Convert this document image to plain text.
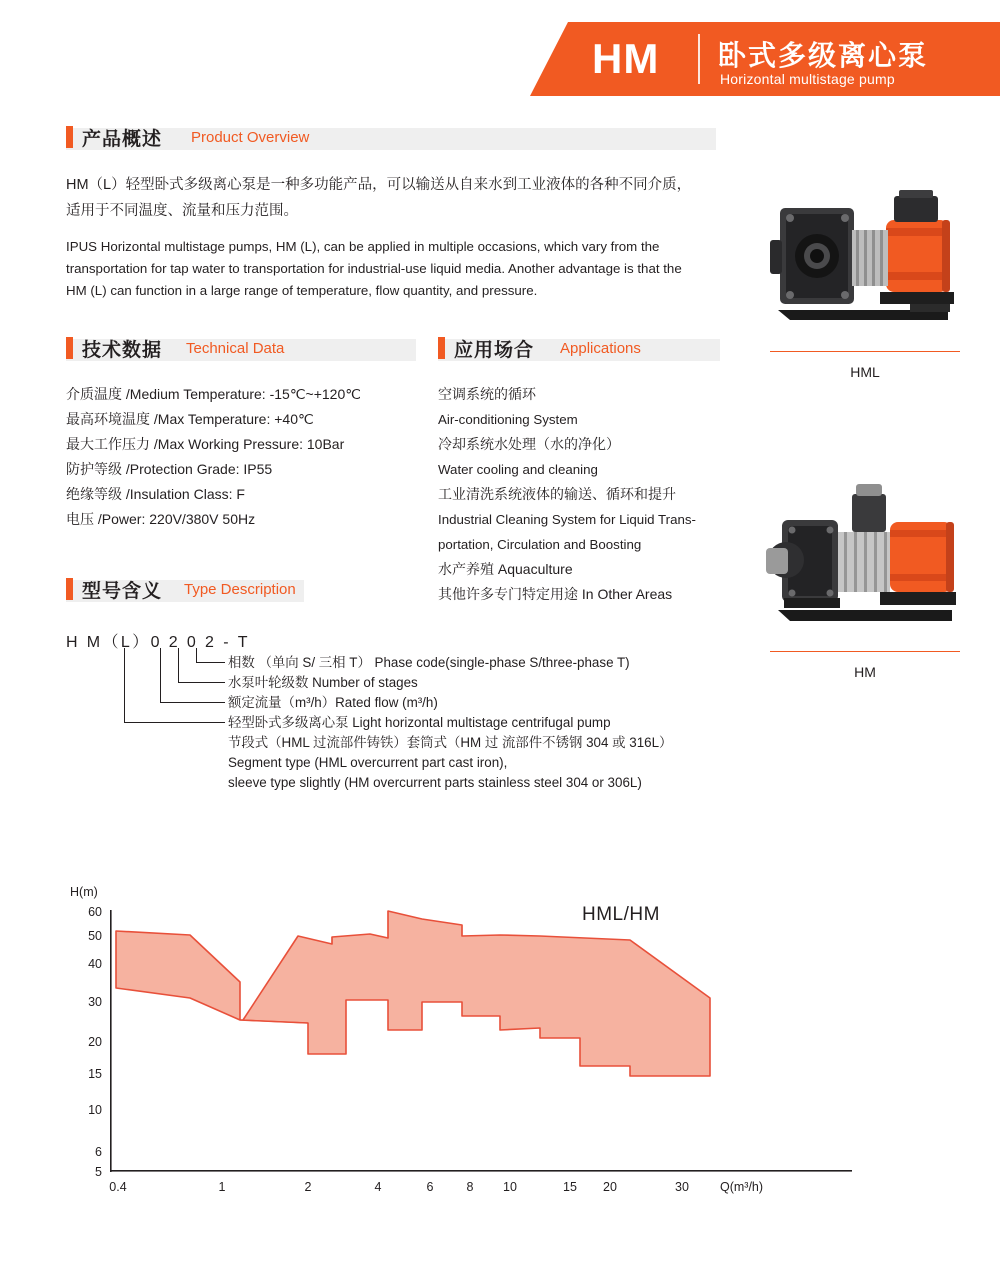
HM 卧式多级离心泵
Horizontal multistage pump
产品概述 Product Overview
HM（L）轻型卧式多级离心泵是一种多功能产品，可以输送从自来水到工业液体的各种不同介质，
适用于不同温度、流量和压力范围。
IPUS Horizontal multistage pumps, HM (L), can be applied in multiple occasions, which vary from the
transportation for tap water to transportation for industrial-use liquid media. Another advantage is that the
HM (L) can function in a large range of temperature, flow quantity, and pressure.
技术数据 Technical Data
介质温度 /Medium Temperature: -15℃~+120℃
最高环境温度 /Max Temperature: +40℃
最大工作压力 /Max Working Pressure: 10Bar
防护等级 /Protection Grade: IP55
绝缘等级 /Insulation Class: F
电压 /Power: 220V/380V 50Hz
应用场合 Applications
空调系统的循环
Air-conditioning System
冷却系统水处理（水的净化）
Water cooling and cleaning
工业清洗系统液体的输送、循环和提升
Industrial Cleaning System for Liquid Trans-
portation, Circulation and Boosting
水产养殖 Aquaculture
其他许多专门特定用途 In Other Areas
型号含义 Type Description
H M（L）0 2 0 2 - T
相数 （单向 S/ 三相 T） Phase code(single-phase S/three-phase T)
水泵叶轮级数 Number of stages
额定流量（m³/h）Rated flow (m³/h)
轻型卧式多级离心泵 Light horizontal multistage centrifugal pump
节段式（HML 过流部件铸铁）套筒式（HM 过 流部件不锈钢 304 或 316L）
Segment type (HML overcurrent part cast iron),
sleeve type slightly (HM overcurrent parts stainless steel 304 or 306L)
HML
HM
60
50
40
30
20
15
10
6
5
H(m)
0.4	1	2	4	6	8 10	15 20	30 Q(m³/h)
HML/HM
